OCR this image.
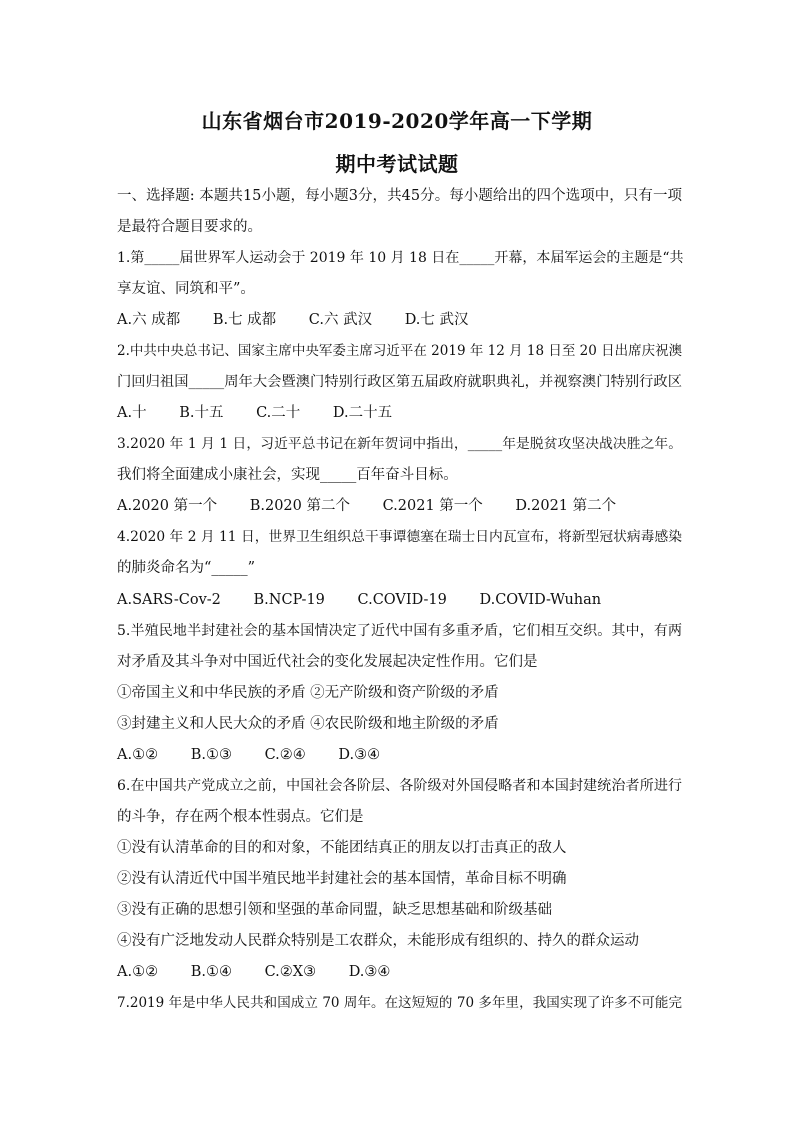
山东省烟台市2019-2020学年高一下学期
期中考试试题
一、选择题: 本题共15小题，每小题3分，共45分。每小题给出的四个选项中，只有一项
是最符合题目要求的。
1.第_____届世界军人运动会于 2019 年 10 月 18 日在_____开幕，本届军运会的主题是“共
享友谊、同筑和平”。
A.六 成都 B.七 成都 C.六 武汉 D.七 武汉
2.中共中央总书记、国家主席中央军委主席习近平在 2019 年 12 月 18 日至 20 日出席庆祝澳
门回归祖国_____周年大会暨澳门特别行政区第五届政府就职典礼，并视察澳门特别行政区
A.十 B.十五 C.二十 D.二十五
3.2020 年 1 月 1 日，习近平总书记在新年贺词中指出，_____年是脱贫攻坚决战决胜之年。
我们将全面建成小康社会，实现_____百年奋斗目标。
A.2020 第一个 B.2020 第二个 C.2021 第一个 D.2021 第二个
4.2020 年 2 月 11 日，世界卫生组织总干事谭德塞在瑞士日内瓦宣布，将新型冠状病毒感染
的肺炎命名为“_____”
A.SARS-Cov-2 B.NCP-19 C.COVID-19 D.COVID-Wuhan
5.半殖民地半封建社会的基本国情决定了近代中国有多重矛盾，它们相互交织。其中，有两
对矛盾及其斗争对中国近代社会的变化发展起决定性作用。它们是
①帝国主义和中华民族的矛盾 ②无产阶级和资产阶级的矛盾
③封建主义和人民大众的矛盾 ④农民阶级和地主阶级的矛盾
A.①② B.①③ C.②④ D.③④
6.在中国共产党成立之前，中国社会各阶层、各阶级对外国侵略者和本国封建统治者所进行
的斗争，存在两个根本性弱点。它们是
①没有认清革命的目的和对象，不能团结真正的朋友以打击真正的敌人
②没有认清近代中国半殖民地半封建社会的基本国情，革命目标不明确
③没有正确的思想引领和坚强的革命同盟，缺乏思想基础和阶级基础
④没有广泛地发动人民群众特别是工农群众，未能形成有组织的、持久的群众运动
A.①② B.①④ C.②X③ D.③④
7.2019 年是中华人民共和国成立 70 周年。在这短短的 70 多年里，我国实现了许多不可能完
